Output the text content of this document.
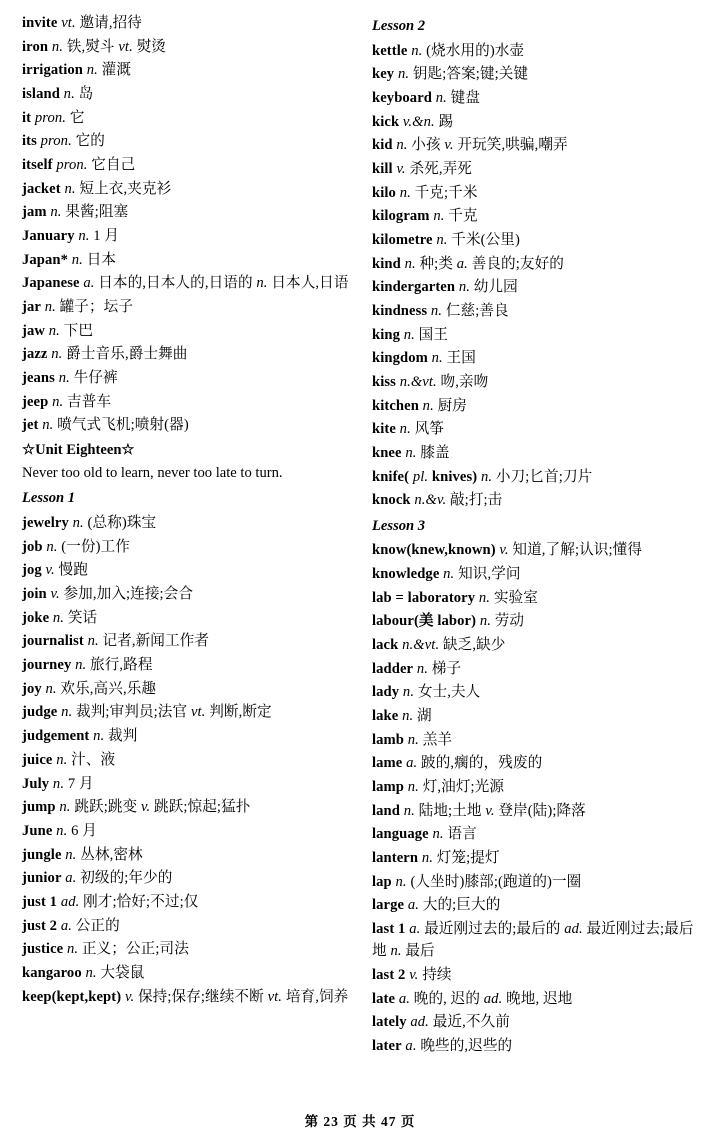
invite vt. 邀请,招待

iron n. 铁,熨斗 vt. 熨烫

irrigation n. 灌溉

island n. 岛

it pron. 它

its pron. 它的

itself pron. 它自己

jacket n. 短上衣,夹克衫

jam n. 果酱;阻塞

January n. 1 月

Japan* n. 日本

Japanese a. 日本的,日本人的,日语的 n. 日本人,日语

jar n. 罐子；坛子

jaw n. 下巴

jazz n. 爵士音乐,爵士舞曲

jeans n. 牛仔裤

jeep n. 吉普车

jet n. 喷气式飞机;喷射(器)

☆Unit Eighteen☆

Never too old to learn, never too late to turn.

Lesson 1

jewelry n. (总称)珠宝

job n. (一份)工作

jog v. 慢跑

join v. 参加,加入;连接;会合

joke n. 笑话

journalist n. 记者,新闻工作者

journey n. 旅行,路程

joy n. 欢乐,高兴,乐趣

judge n. 裁判;审判员;法官 vt. 判断,断定

judgement n. 裁判

juice n. 汁、液

July n. 7 月

jump n. 跳跃;跳变 v. 跳跃;惊起;猛扑

June n. 6 月

jungle n. 丛林,密林

junior a. 初级的;年少的

just 1 ad. 刚才;恰好;不过;仅

just 2 a. 公正的

justice n. 正义；公正;司法

kangaroo n. 大袋鼠

keep(kept,kept) v. 保持;保存;继续不断 vt. 培育,饲养

Lesson 2

kettle n. (烧水用的)水壶

key n. 钥匙;答案;键;关键

keyboard n. 键盘

kick v.&n. 踢

kid n. 小孩 v. 开玩笑,哄骗,嘲弄

kill v. 杀死,弄死

kilo n. 千克;千米

kilogram n. 千克

kilometre n. 千米(公里)

kind n. 种;类 a. 善良的;友好的

kindergarten n. 幼儿园

kindness n. 仁慈;善良

king n. 国王

kingdom n. 王国

kiss n.&vt. 吻,亲吻

kitchen n. 厨房

kite n. 风筝

knee n. 膝盖

knife( pl. knives) n. 小刀;匕首;刀片

knock n.&v. 敲;打;击

Lesson 3

know(knew,known) v. 知道,了解;认识;懂得

knowledge n. 知识,学问

lab = laboratory n. 实验室

labour(美 labor) n. 劳动

lack n.&vt. 缺乏,缺少

ladder n. 梯子

lady n. 女士,夫人

lake n. 湖

lamb n. 羔羊

lame a. 跛的,瘸的，残废的

lamp n. 灯,油灯;光源

land n. 陆地;土地 v. 登岸(陆);降落

language n. 语言

lantern n. 灯笼;提灯

lap n. (人坐时)膝部;(跑道的)一圈

large a. 大的;巨大的

last 1 a. 最近刚过去的;最后的 ad. 最近刚过去;最后地 n. 最后

last 2 v. 持续

late a. 晚的, 迟的 ad. 晚地, 迟地

lately ad. 最近,不久前

later a. 晚些的,迟些的

第 23 页 共 47 页
